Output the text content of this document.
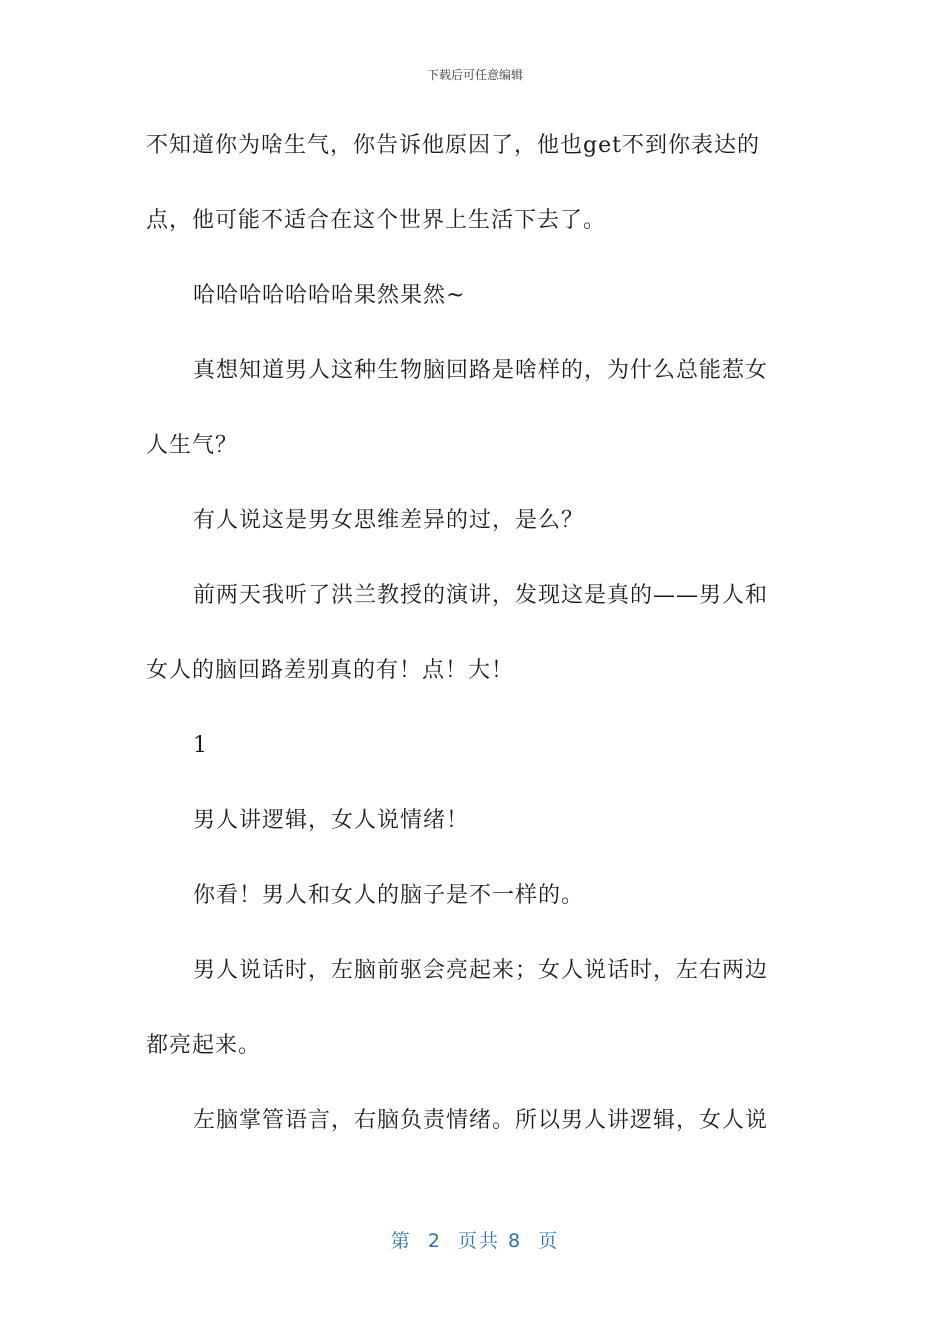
下载后可任意编辑
不知道你为啥生气，你告诉他原因了，他也get不到你表达的
点，他可能不适合在这个世界上生活下去了。
哈哈哈哈哈哈哈果然果然~
真想知道男人这种生物脑回路是啥样的，为什么总能惹女
人生气？
有人说这是男女思维差异的过，是么？
前两天我听了洪兰教授的演讲，发现这是真的——男人和
女人的脑回路差别真的有！点！大！
1
男人讲逻辑，女人说情绪！
你看！男人和女人的脑子是不一样的。
男人说话时，左脑前驱会亮起来；女人说话时，左右两边
都亮起来。
左脑掌管语言，右脑负责情绪。所以男人讲逻辑，女人说
第  2  页共 8  页
